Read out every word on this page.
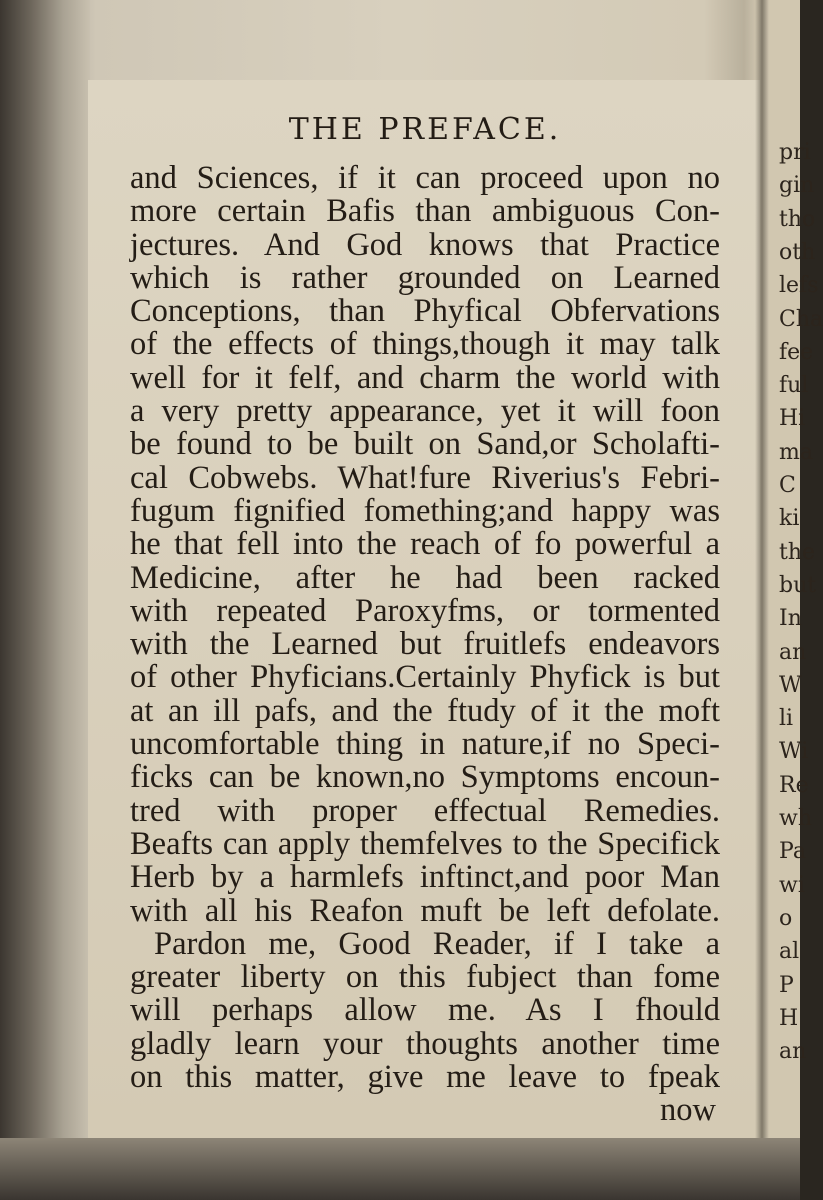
THE PREFACE.
and Sciences, if it can proceed upon no
more certain Bafis than ambiguous Con-
jectures. And God knows that Practice
which is rather grounded on Learned
Conceptions, than Phyfical Obfervations
of the effects of things,though it may talk
well for it felf, and charm the world with
a very pretty appearance, yet it will foon
be found to be built on Sand,or Scholafti-
cal Cobwebs. What!fure Riverius's Febri-
fugum fignified fomething;and happy was
he that fell into the reach of fo powerful a
Medicine, after he had been racked
with repeated Paroxyfms, or tormented
with the Learned but fruitlefs endeavors
of other Phyficians.Certainly Phyfick is but
at an ill pafs, and the ftudy of it the moft
uncomfortable thing in nature,if no Speci-
ficks can be known,no Symptoms encoun-
tred with proper effectual Remedies.
Beafts can apply themfelves to the Specifick
Herb by a harmlefs inftinct,and poor Man
with all his Reafon muft be left defolate.
Pardon me, Good Reader, if I take a
greater liberty on this fubject than fome
will perhaps allow me. As I fhould
gladly learn your thoughts another time
on this matter, give me leave to fpeak
now
pri
gin
tho
oth
lefs
Cha
fee
ful
Hi
ma
C
ki
the
but
In
an
W
li
Wi
Re
wh
Pa
wi
o
al
P
H
an
